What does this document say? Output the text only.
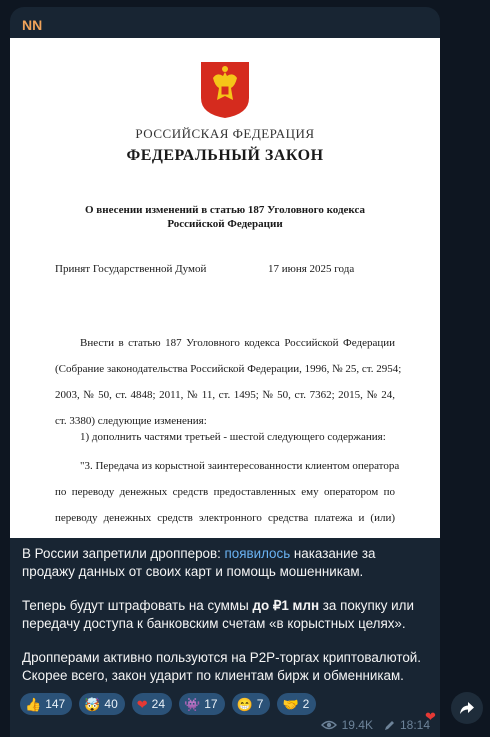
NN
РОССИЙСКАЯ ФЕДЕРАЦИЯ
ФЕДЕРАЛЬНЫЙ ЗАКОН
О внесении изменений в статью 187 Уголовного кодекса
Российской Федерации
Принят Государственной Думой	17 июня 2025 года
Внести в статью 187 Уголовного кодекса Российской Федерации
(Собрание законодательства Российской Федерации, 1996, № 25, ст. 2954;
2003, № 50, ст. 4848; 2011, № 11, ст. 1495; № 50, ст. 7362; 2015, № 24,
ст. 3380) следующие изменения:
1) дополнить частями третьей - шестой следующего содержания:
"3. Передача из корыстной заинтересованности клиентом оператора
по переводу денежных средств предоставленных ему оператором по
переводу денежных средств электронного средства платежа и (или)

В России запретили дропперов: появилось наказание за продажу данных от своих карт и помощь мошенникам.

Теперь будут штрафовать на суммы до ₽1 млн за покупку или передачу доступа к банковским счетам «в корыстных целях».

Дропперами активно пользуются на P2P-торгах криптовалютой. Скорее всего, закон ударит по клиентам бирж и обменникам.

👍 147 🤯 40 ❤ 24 👾 17 😁 7 🤝 2
19.4K 18:14
❤
